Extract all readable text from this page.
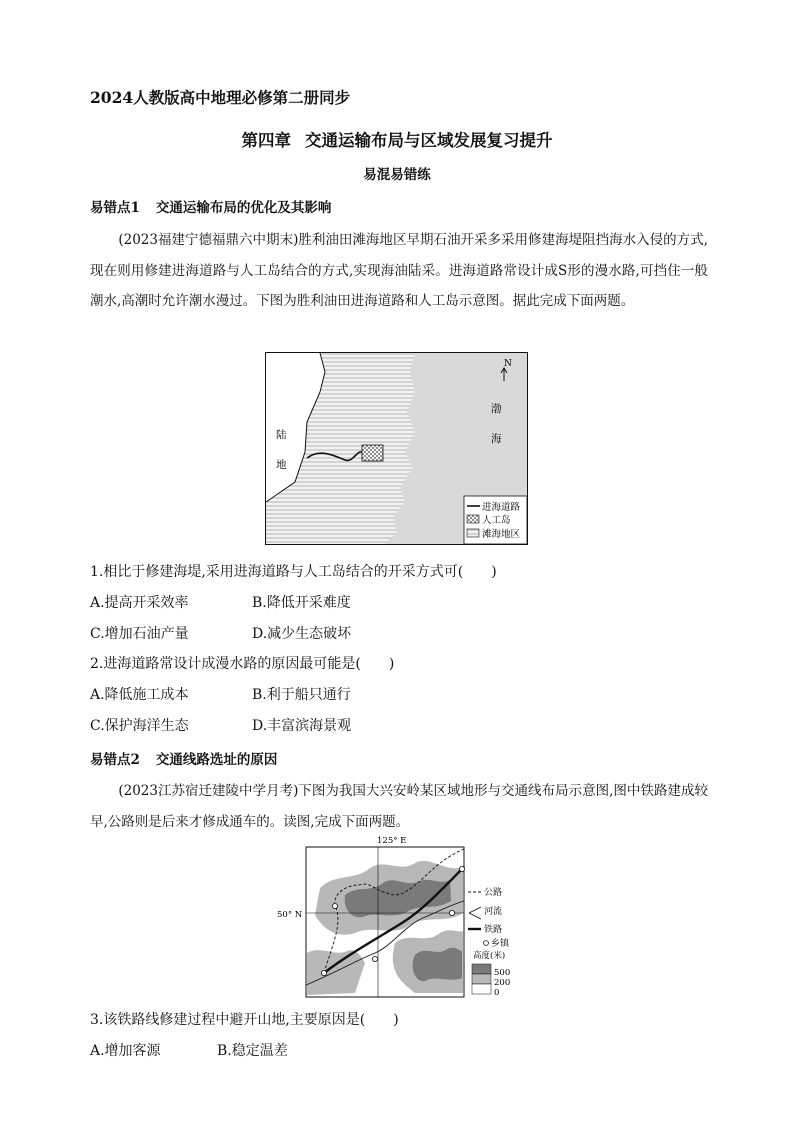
2024人教版高中地理必修第二册同步
第四章 交通运输布局与区域发展复习提升
易混易错练
易错点1 交通运输布局的优化及其影响
(2023福建宁德福鼎六中期末)胜利油田滩海地区早期石油开采多采用修建海堤阻挡海水入侵的方式,现在则用修建进海道路与人工岛结合的方式,实现海油陆采。进海道路常设计成S形的漫水路,可挡住一般潮水,高潮时允许潮水漫过。下图为胜利油田进海道路和人工岛示意图。据此完成下面两题。
N
渤
海
陆
地
进海道路
人工岛
滩海地区
1.相比于修建海堤,采用进海道路与人工岛结合的开采方式可(　　)
A.提高开采效率	B.降低开采难度
C.增加石油产量	D.减少生态破坏
2.进海道路常设计成漫水路的原因最可能是(　　)
A.降低施工成本	B.利于船只通行
C.保护海洋生态	D.丰富滨海景观
易错点2 交通线路选址的原因
(2023江苏宿迁建陵中学月考)下图为我国大兴安岭某区域地形与交通线布局示意图,图中铁路建成较早,公路则是后来才修成通车的。读图,完成下面两题。
125° E
50° N
公路
河流
铁路
乡镇
高度(米)
500
200
0
3.该铁路线修建过程中避开山地,主要原因是(　　)
A.增加客源	B.稳定温差
